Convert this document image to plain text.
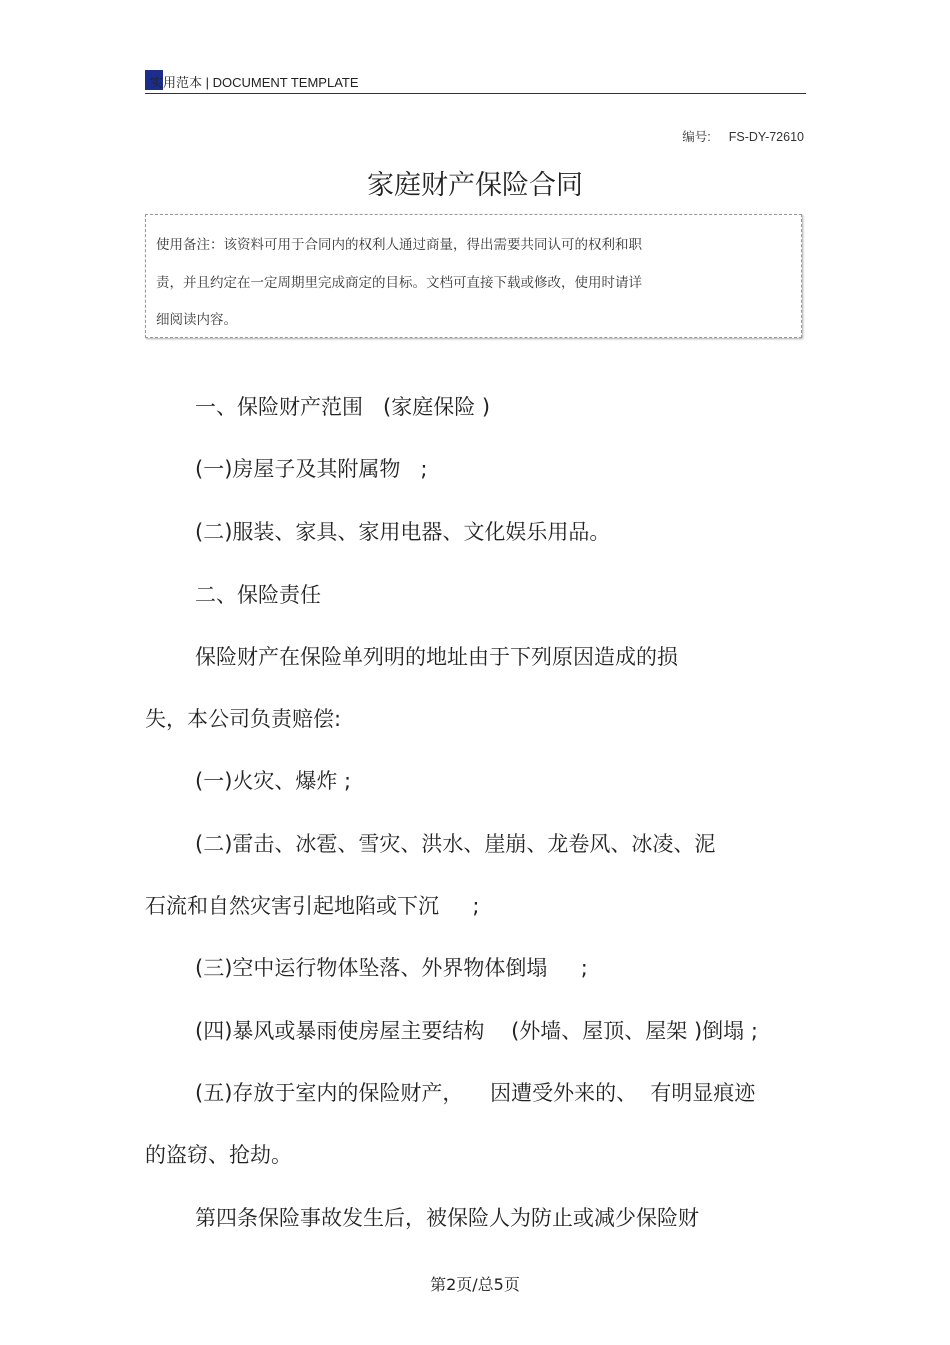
实用范本 | DOCUMENT TEMPLATE
编号: FS-DY-72610
家庭财产保险合同
使用备注：该资料可用于合同内的权利人通过商量，得出需要共同认可的权利和职
责，并且约定在一定周期里完成商定的目标。文档可直接下载或修改，使用时请详
细阅读内容。
一、保险财产范围   (家庭保险 )
(一)房屋子及其附属物   ;
(二)服装、家具、家用电器、文化娱乐用品。
二、保险责任
保险财产在保险单列明的地址由于下列原因造成的损
失，本公司负责赔偿:
(一)火灾、爆炸 ;
(二)雷击、冰雹、雪灾、洪水、崖崩、龙卷风、冰凌、泥
石流和自然灾害引起地陷或下沉     ;
(三)空中运行物体坠落、外界物体倒塌     ;
(四)暴风或暴雨使房屋主要结构    (外墙、屋顶、屋架 )倒塌 ;
(五)存放于室内的保险财产，    因遭受外来的、  有明显痕迹
的盗窃、抢劫。
第四条保险事故发生后，被保险人为防止或减少保险财
第2页/总5页
